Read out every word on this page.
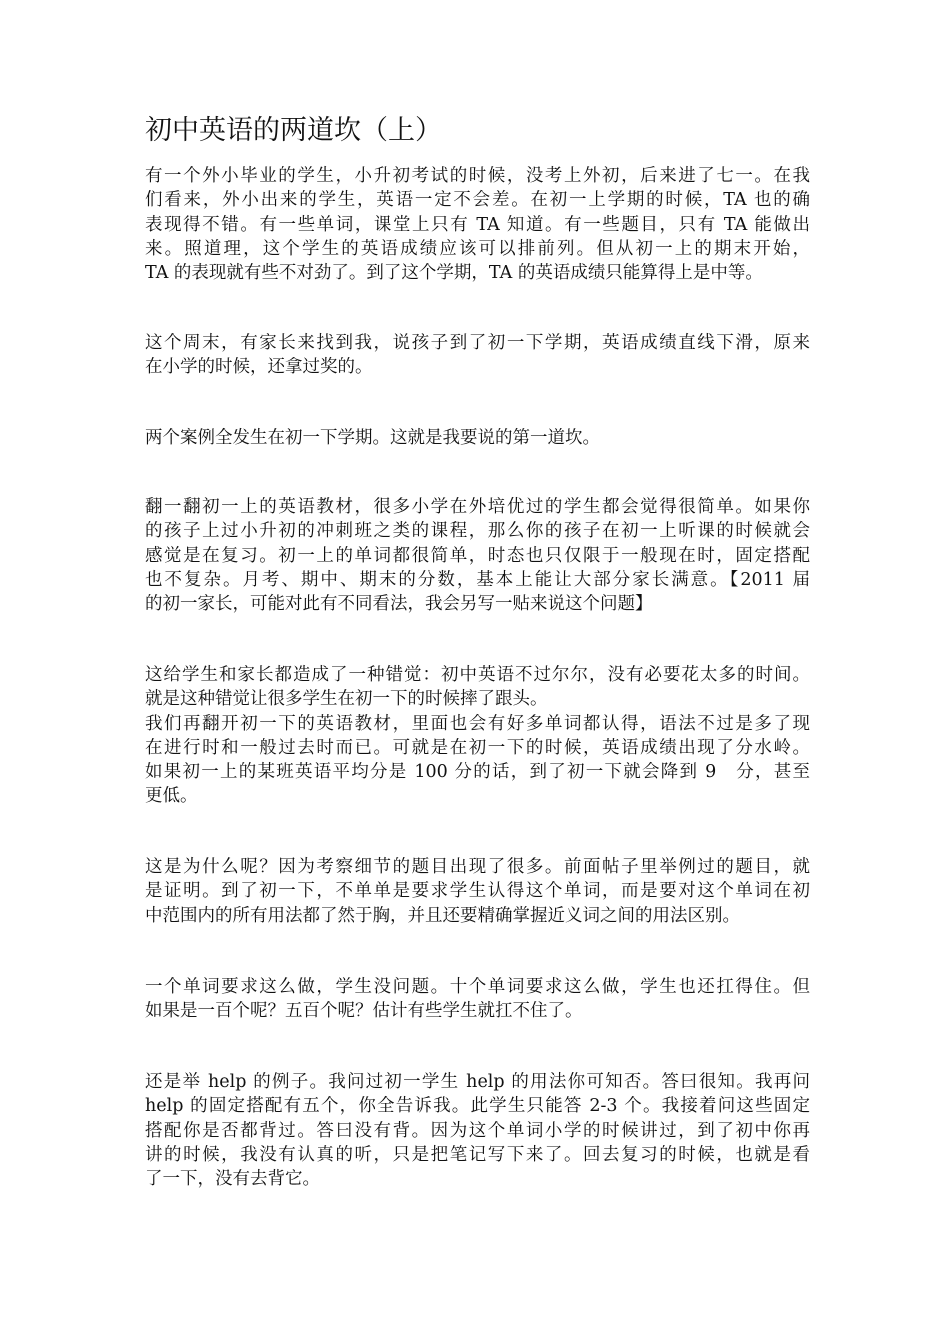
初中英语的两道坎（上）
有一个外小毕业的学生，小升初考试的时候，没考上外初，后来进了七一。在我
们看来，外小出来的学生，英语一定不会差。在初一上学期的时候，TA 也的确
表现得不错。有一些单词，课堂上只有 TA 知道。有一些题目，只有 TA 能做出
来。照道理，这个学生的英语成绩应该可以排前列。但从初一上的期末开始，
TA 的表现就有些不对劲了。到了这个学期，TA 的英语成绩只能算得上是中等。
这个周末，有家长来找到我，说孩子到了初一下学期，英语成绩直线下滑，原来
在小学的时候，还拿过奖的。
两个案例全发生在初一下学期。这就是我要说的第一道坎。
翻一翻初一上的英语教材，很多小学在外培优过的学生都会觉得很简单。如果你
的孩子上过小升初的冲刺班之类的课程，那么你的孩子在初一上听课的时候就会
感觉是在复习。初一上的单词都很简单，时态也只仅限于一般现在时，固定搭配
也不复杂。月考、期中、期末的分数，基本上能让大部分家长满意。【2011 届
的初一家长，可能对此有不同看法，我会另写一贴来说这个问题】
这给学生和家长都造成了一种错觉：初中英语不过尔尔，没有必要花太多的时间。
就是这种错觉让很多学生在初一下的时候摔了跟头。
我们再翻开初一下的英语教材，里面也会有好多单词都认得，语法不过是多了现
在进行时和一般过去时而已。可就是在初一下的时候，英语成绩出现了分水岭。
如果初一上的某班英语平均分是 100 分的话，到了初一下就会降到 9　分，甚至
更低。
这是为什么呢？因为考察细节的题目出现了很多。前面帖子里举例过的题目，就
是证明。到了初一下，不单单是要求学生认得这个单词，而是要对这个单词在初
中范围内的所有用法都了然于胸，并且还要精确掌握近义词之间的用法区别。
一个单词要求这么做，学生没问题。十个单词要求这么做，学生也还扛得住。但
如果是一百个呢？五百个呢？估计有些学生就扛不住了。
还是举 help 的例子。我问过初一学生 help 的用法你可知否。答曰很知。我再问
help 的固定搭配有五个，你全告诉我。此学生只能答 2-3 个。我接着问这些固定
搭配你是否都背过。答曰没有背。因为这个单词小学的时候讲过，到了初中你再
讲的时候，我没有认真的听，只是把笔记写下来了。回去复习的时候，也就是看
了一下，没有去背它。
